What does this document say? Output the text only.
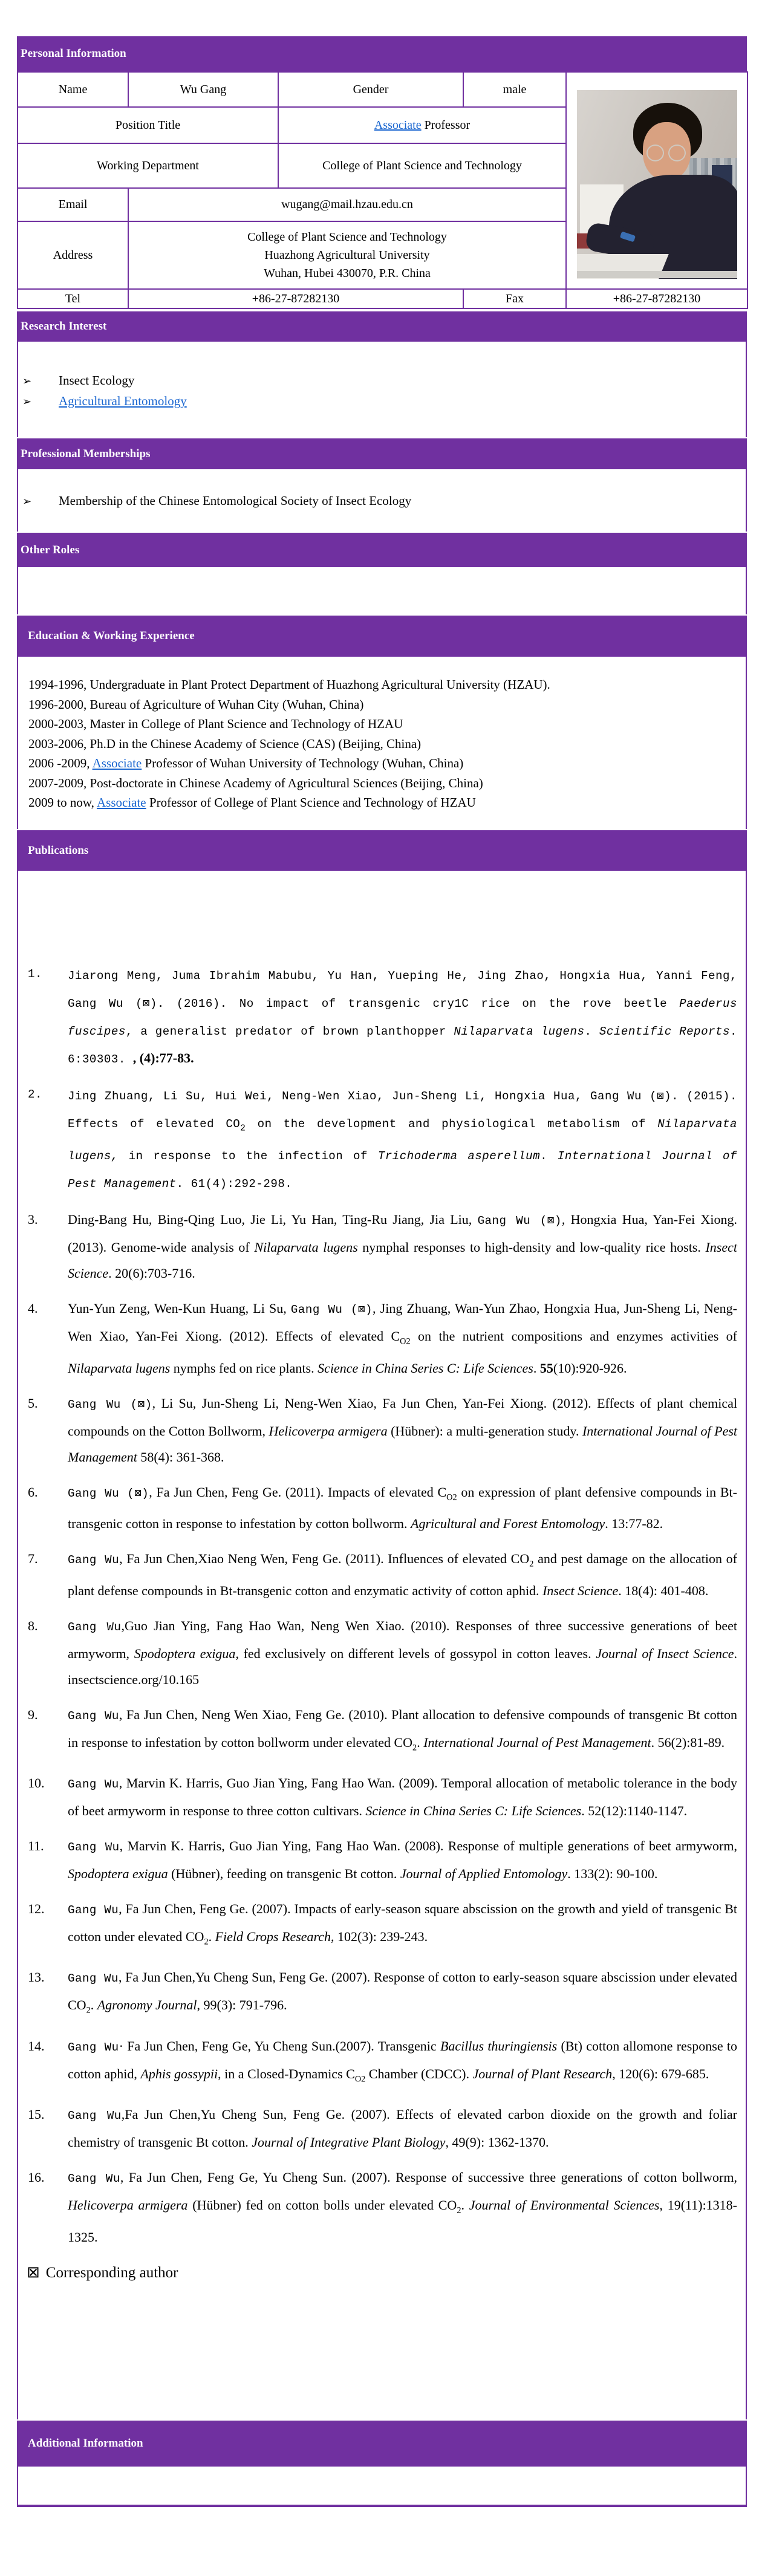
Personal Information
Name	Wu Gang	Gender	male	

Position Title		Associate Professor		
Working Department		College of Plant Science and Technology		
Email	wugang@mail.hzau.edu.cn			
Address	College of Plant Science and Technology
Huazhong Agricultural University
Wuhan, Hubei 430070, P.R. China			

Tel	+86-27-87282130		Fax	+86-27-87282130
Research Interest
➢	Insect Ecology
➢	Agricultural Entomology
Professional Memberships
➢	Membership of the Chinese Entomological Society of Insect Ecology
Other Roles
Education & Working Experience
1994-1996, Undergraduate in Plant Protect Department of Huazhong Agricultural University (HZAU).
1996-2000, Bureau of Agriculture of Wuhan City (Wuhan, China)
2000-2003, Master in College of Plant Science and Technology of HZAU
2003-2006, Ph.D in the Chinese Academy of Science (CAS) (Beijing, China)
2006 -2009, Associate Professor of Wuhan University of Technology (Wuhan, China)
2007-2009, Post-doctorate in Chinese Academy of Agricultural Sciences (Beijing, China)
2009 to now, Associate Professor of College of Plant Science and Technology of HZAU
Publications
1. Jiarong Meng, Juma Ibrahim Mabubu, Yu Han, Yueping He, Jing Zhao, Hongxia Hua, Yanni Feng, Gang Wu (⊠). (2016). No impact of transgenic cry1C rice on the rove beetle Paederus fuscipes, a generalist predator of brown planthopper Nilaparvata lugens. Scientific Reports. 6:30303. , (4):77-83.
2. Jing Zhuang, Li Su, Hui Wei, Neng-Wen Xiao, Jun-Sheng Li, Hongxia Hua, Gang Wu (⊠). (2015). Effects of elevated $CO_2$ on the development and physiological metabolism of Nilaparvata lugens, in response to the infection of Trichoderma asperellum. International Journal of Pest Management. 61(4):292-298.
3. Ding-Bang Hu, Bing-Qing Luo, Jie Li, Yu Han, Ting-Ru Jiang, Jia Liu, Gang Wu (⊠), Hongxia Hua, Yan-Fei Xiong. (2013). Genome-wide analysis of Nilaparvata lugens nymphal responses to high-density and low-quality rice hosts. Insect Science. 20(6):703-716.
4. Yun-Yun Zeng, Wen-Kun Huang, Li Su, Gang Wu (⊠), Jing Zhuang, Wan-Yun Zhao, Hongxia Hua, Jun-Sheng Li, Neng-Wen Xiao, Yan-Fei Xiong. (2012). Effects of elevated $C_{O2}$ on the nutrient compositions and enzymes activities of Nilaparvata lugens nymphs fed on rice plants. Science in China Series C: Life Sciences. 55(10):920-926.
5.	Gang Wu (⊠), Li Su, Jun-Sheng Li, Neng-Wen Xiao, Fa Jun Chen, Yan-Fei Xiong. (2012). Effects of plant chemical compounds on the Cotton Bollworm, Helicoverpa armigera (Hübner): a multi-generation study. International Journal of Pest Management 58(4): 361-368.
6.	Gang Wu (⊠), Fa Jun Chen, Feng Ge. (2011). Impacts of elevated $C_{O2}$ on expression of plant defensive compounds in Bt-transgenic cotton in response to infestation by cotton bollworm. Agricultural and Forest Entomology. 13:77-82.
7.	Gang Wu, Fa Jun Chen,Xiao Neng Wen, Feng Ge. (2011). Influences of elevated $CO_2$ and pest damage on the allocation of plant defense compounds in Bt-transgenic cotton and enzymatic activity of cotton aphid. Insect Science. 18(4): 401-408.
8.	Gang Wu,Guo Jian Ying, Fang Hao Wan, Neng Wen Xiao. (2010). Responses of three successive generations of beet armyworm, Spodoptera exigua, fed exclusively on different levels of gossypol in cotton leaves. Journal of Insect Science. insectscience.org/10.165
9.	Gang Wu, Fa Jun Chen, Neng Wen Xiao, Feng Ge. (2010). Plant allocation to defensive compounds of transgenic Bt cotton in response to infestation by cotton bollworm under elevated $CO_2$. International Journal of Pest Management. 56(2):81-89.
10. Gang Wu, Marvin K. Harris, Guo Jian Ying, Fang Hao Wan. (2009). Temporal allocation of metabolic tolerance in the body of beet armyworm in response to three cotton cultivars. Science in China Series C: Life Sciences. 52(12):1140-1147.
11. Gang Wu, Marvin K. Harris, Guo Jian Ying, Fang Hao Wan. (2008). Response of multiple generations of beet armyworm, Spodoptera exigua (Hübner), feeding on transgenic Bt cotton. Journal of Applied Entomology. 133(2): 90-100.
12. Gang Wu, Fa Jun Chen, Feng Ge. (2007). Impacts of early-season square abscission on the growth and yield of transgenic Bt cotton under elevated $CO_2$. Field Crops Research, 102(3): 239-243.
13. Gang Wu, Fa Jun Chen,Yu Cheng Sun, Feng Ge. (2007). Response of cotton to early-season square abscission under elevated $CO_2$. Agronomy Journal, 99(3): 791-796.
14. Gang Wu· Fa Jun Chen, Feng Ge, Yu Cheng Sun.(2007). Transgenic Bacillus thuringiensis (Bt) cotton allomone response to cotton aphid, Aphis gossypii, in a Closed-Dynamics $C_{O2}$ Chamber (CDCC). Journal of Plant Research, 120(6): 679-685.
15. Gang Wu,Fa Jun Chen,Yu Cheng Sun, Feng Ge. (2007). Effects of elevated carbon dioxide on the growth and foliar chemistry of transgenic Bt cotton. Journal of Integrative Plant Biology, 49(9): 1362-1370.
16. Gang Wu, Fa Jun Chen, Feng Ge, Yu Cheng Sun. (2007). Response of successive three generations of cotton bollworm, Helicoverpa armigera (Hübner) fed on cotton bolls under elevated $CO_2$. Journal of Environmental Sciences, 19(11):1318-1325.
⊠ Corresponding author
Additional Information
